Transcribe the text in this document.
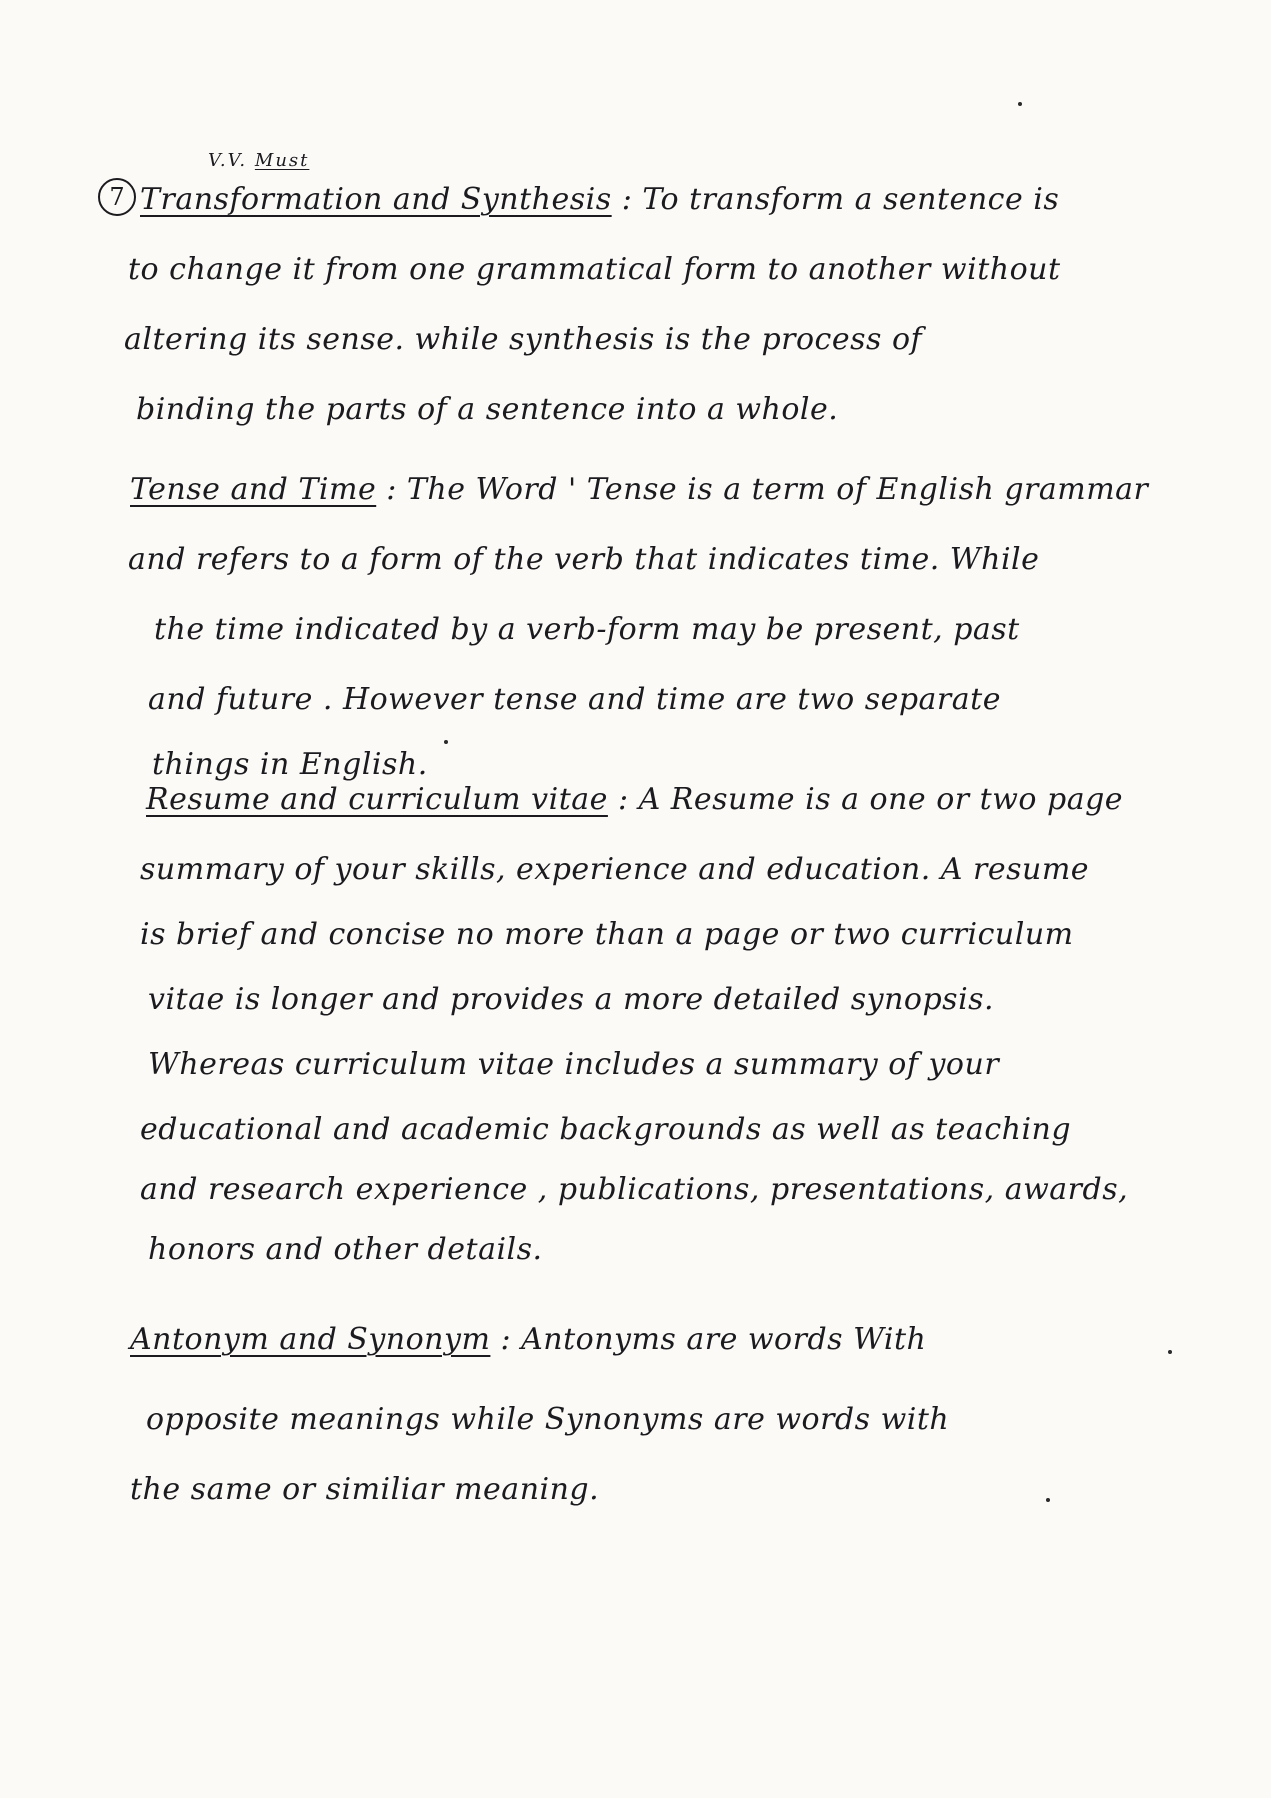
V.V. Must
7 Transformation and Synthesis : To transform a sentence is
to change it from one grammatical form to another without
altering its sense. while synthesis is the process of
binding the parts of a sentence into a whole.
Tense and Time : The Word ' Tense is a term of English grammar
and refers to a form of the verb that indicates time. While
the time indicated by a verb-form may be present, past
and future . However tense and time are two separate
things in English.
Resume and curriculum vitae : A Resume is a one or two page
summary of your skills, experience and education. A resume
is brief and concise no more than a page or two curriculum
vitae is longer and provides a more detailed synopsis.
Whereas curriculum vitae includes a summary of your
educational and academic backgrounds as well as teaching
and research experience , publications, presentations, awards,
honors and other details.
Antonym and Synonym : Antonyms are words With
opposite meanings while Synonyms are words with
the same or similiar meaning.
